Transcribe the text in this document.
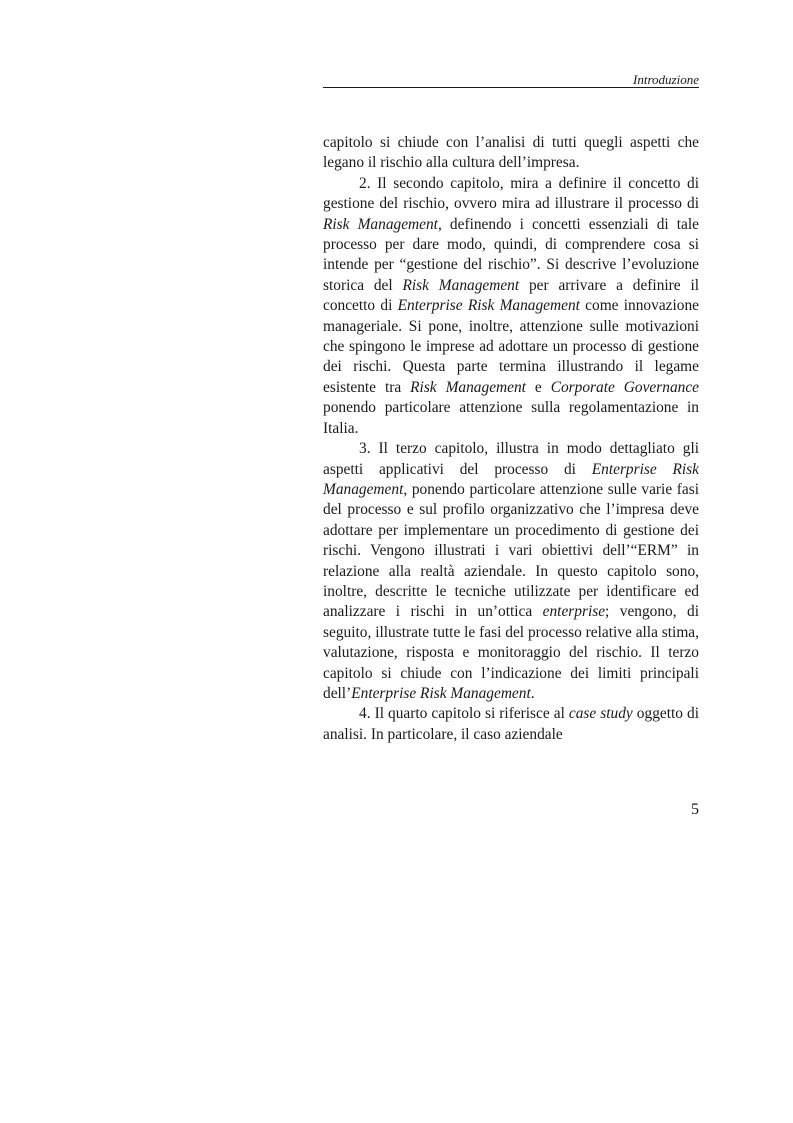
Introduzione

capitolo si chiude con l’analisi di tutti quegli aspetti che legano il rischio alla cultura dell’impresa.

2. Il secondo capitolo, mira a definire il concetto di gestione del rischio, ovvero mira ad illustrare il processo di Risk Management, definendo i concetti essenziali di tale processo per dare modo, quindi, di comprendere cosa si intende per “gestione del rischio”. Si descrive l’evoluzione storica del Risk Management per arrivare a definire il concetto di Enterprise Risk Management come innovazione manageriale. Si pone, inoltre, attenzione sulle motivazioni che spingono le imprese ad adottare un processo di gestione dei rischi. Questa parte termina illustrando il legame esistente tra Risk Management e Corporate Governance ponendo particolare attenzione sulla regolamentazione in Italia.

3. Il terzo capitolo, illustra in modo dettagliato gli aspetti applicativi del processo di Enterprise Risk Management, ponendo particolare attenzione sulle varie fasi del processo e sul profilo organizzativo che l’impresa deve adottare per implementare un procedimento di gestione dei rischi. Vengono illustrati i vari obiettivi dell’“ERM” in relazione alla realtà aziendale. In questo capitolo sono, inoltre, descritte le tecniche utilizzate per identificare ed analizzare i rischi in un’ottica enterprise; vengono, di seguito, illustrate tutte le fasi del processo relative alla stima, valutazione, risposta e monitoraggio del rischio. Il terzo capitolo si chiude con l’indicazione dei limiti principali dell’Enterprise Risk Management.

4. Il quarto capitolo si riferisce al case study oggetto di analisi. In particolare, il caso aziendale

5
